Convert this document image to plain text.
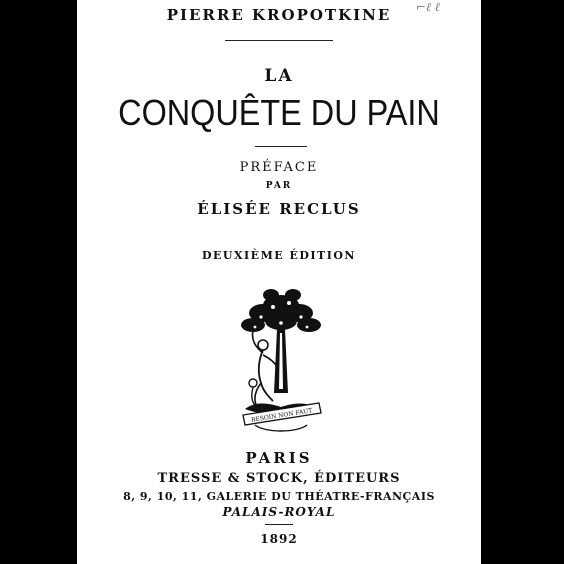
⌐ℓ ℓ
PIERRE KROPOTKINE
LA
CONQUÊTE DU PAIN
PRÉFACE
PAR
ÉLISÉE RECLUS
DEUXIÈME ÉDITION
BESOIN NON FAUT
PARIS
TRESSE & STOCK, ÉDITEURS
8, 9, 10, 11, GALERIE DU THÉATRE-FRANÇAIS
PALAIS-ROYAL
1892
